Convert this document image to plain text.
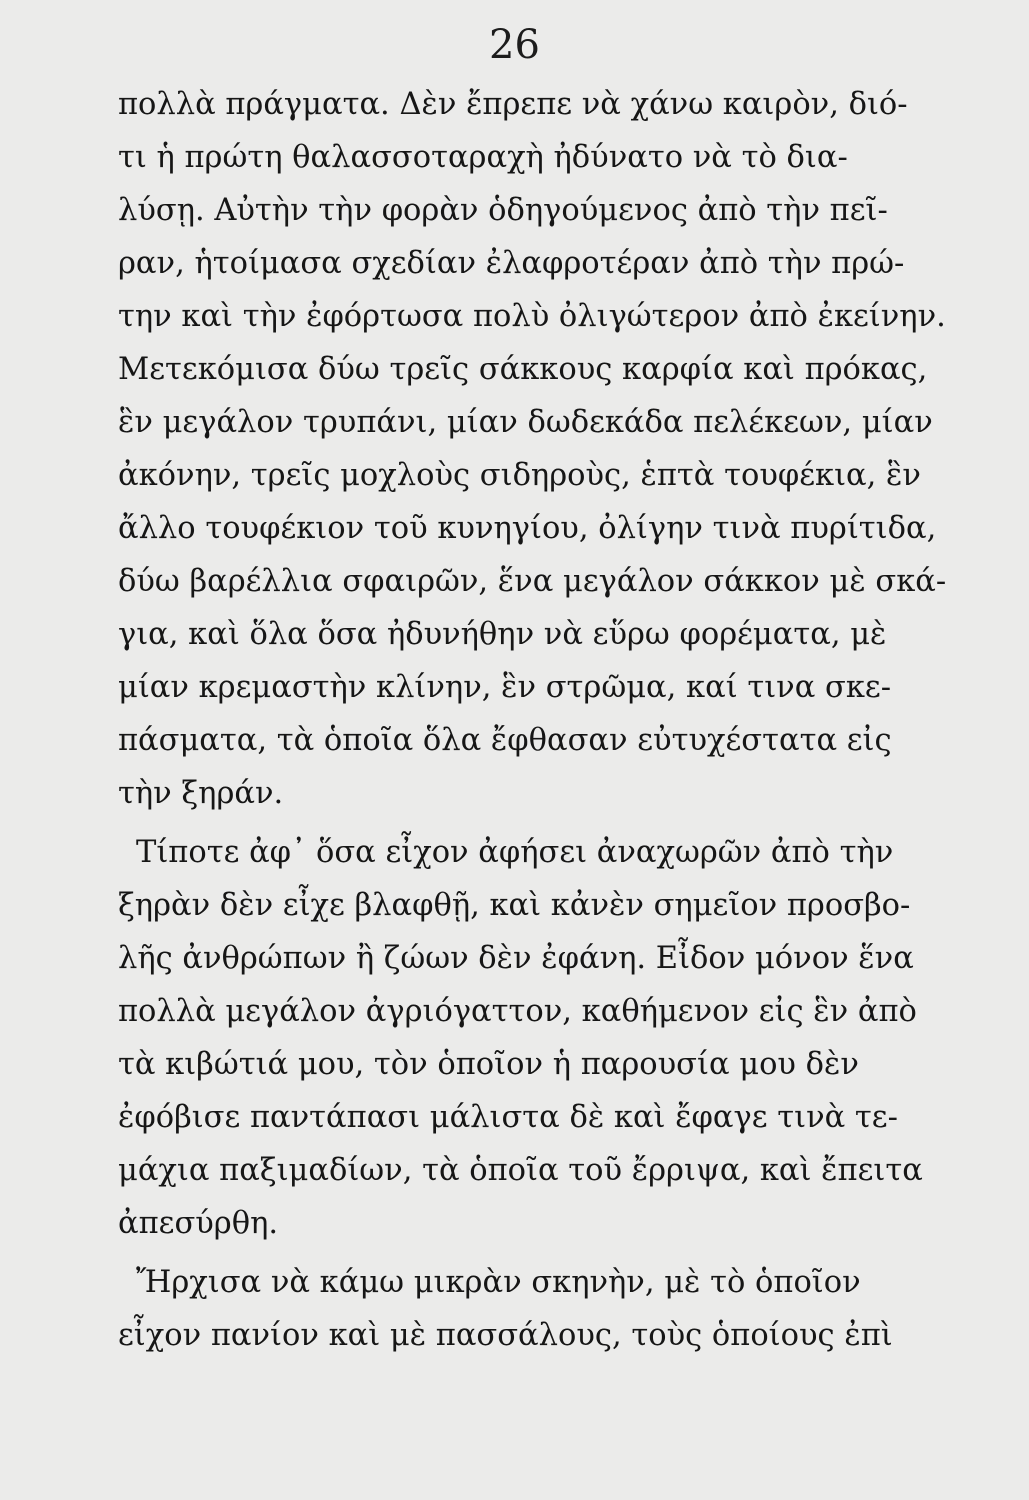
26
πολλὰ πράγματα. Δὲν ἔπρεπε νὰ χάνω καιρὸν, διό-
τι ἡ πρώτη θαλασσοταραχὴ ἠδύνατο νὰ τὸ δια-
λύσῃ. Αὐτὴν τὴν φορὰν ὁδηγούμενος ἀπὸ τὴν πεῖ-
ραν, ἡτοίμασα σχεδίαν ἐλαφροτέραν ἀπὸ τὴν πρώ-
την καὶ τὴν ἐφόρτωσα πολὺ ὀλιγώτερον ἀπὸ ἐκείνην.
Μετεκόμισα δύω τρεῖς σάκκους καρφία καὶ πρόκας,
ἓν μεγάλον τρυπάνι, μίαν δωδεκάδα πελέκεων, μίαν
ἀκόνην, τρεῖς μοχλοὺς σιδηροὺς, ἑπτὰ τουφέκια, ἓν
ἄλλο τουφέκιον τοῦ κυνηγίου, ὀλίγην τινὰ πυρίτιδα,
δύω βαρέλλια σφαιρῶν, ἕνα μεγάλον σάκκον μὲ σκά-
για, καὶ ὅλα ὅσα ἠδυνήθην νὰ εὕρω φορέματα, μὲ
μίαν κρεμαστὴν κλίνην, ἓν στρῶμα, καί τινα σκε-
πάσματα, τὰ ὁποῖα ὅλα ἔφθασαν εὐτυχέστατα εἰς
τὴν ξηράν.
Τίποτε ἀφ᾽ ὅσα εἶχον ἀφήσει ἀναχωρῶν ἀπὸ τὴν
ξηρὰν δὲν εἶχε βλαφθῇ, καὶ κἀνὲν σημεῖον προσβο-
λῆς ἀνθρώπων ἢ ζώων δὲν ἐφάνη. Εἶδον μόνον ἕνα
πολλὰ μεγάλον ἀγριόγαττον, καθήμενον εἰς ἓν ἀπὸ
τὰ κιβώτιά μου, τὸν ὁποῖον ἡ παρουσία μου δὲν
ἐφόβισε παντάπασι μάλιστα δὲ καὶ ἔφαγε τινὰ τε-
μάχια παξιμαδίων, τὰ ὁποῖα τοῦ ἔρριψα, καὶ ἔπειτα
ἀπεσύρθη.
Ἤρχισα νὰ κάμω μικρὰν σκηνὴν, μὲ τὸ ὁποῖον
εἶχον πανίον καὶ μὲ πασσάλους, τοὺς ὁποίους ἐπὶ
